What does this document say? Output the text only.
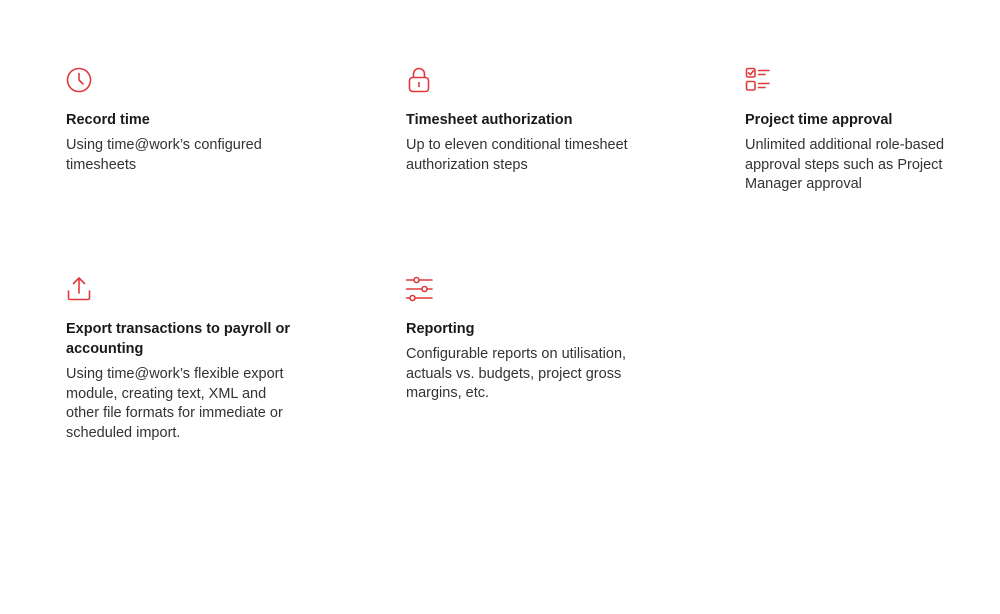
Record time

Using time@work’s configured timesheets

Timesheet authorization

Up to eleven conditional timesheet authorization steps

Project time approval

Unlimited additional role-based approval steps such as Project Manager approval

Export transactions to payroll or accounting

Using time@work’s flexible export module, creating text, XML and other file formats for immediate or scheduled import.

Reporting

Configurable reports on utilisation, actuals vs. budgets, project gross margins, etc.
